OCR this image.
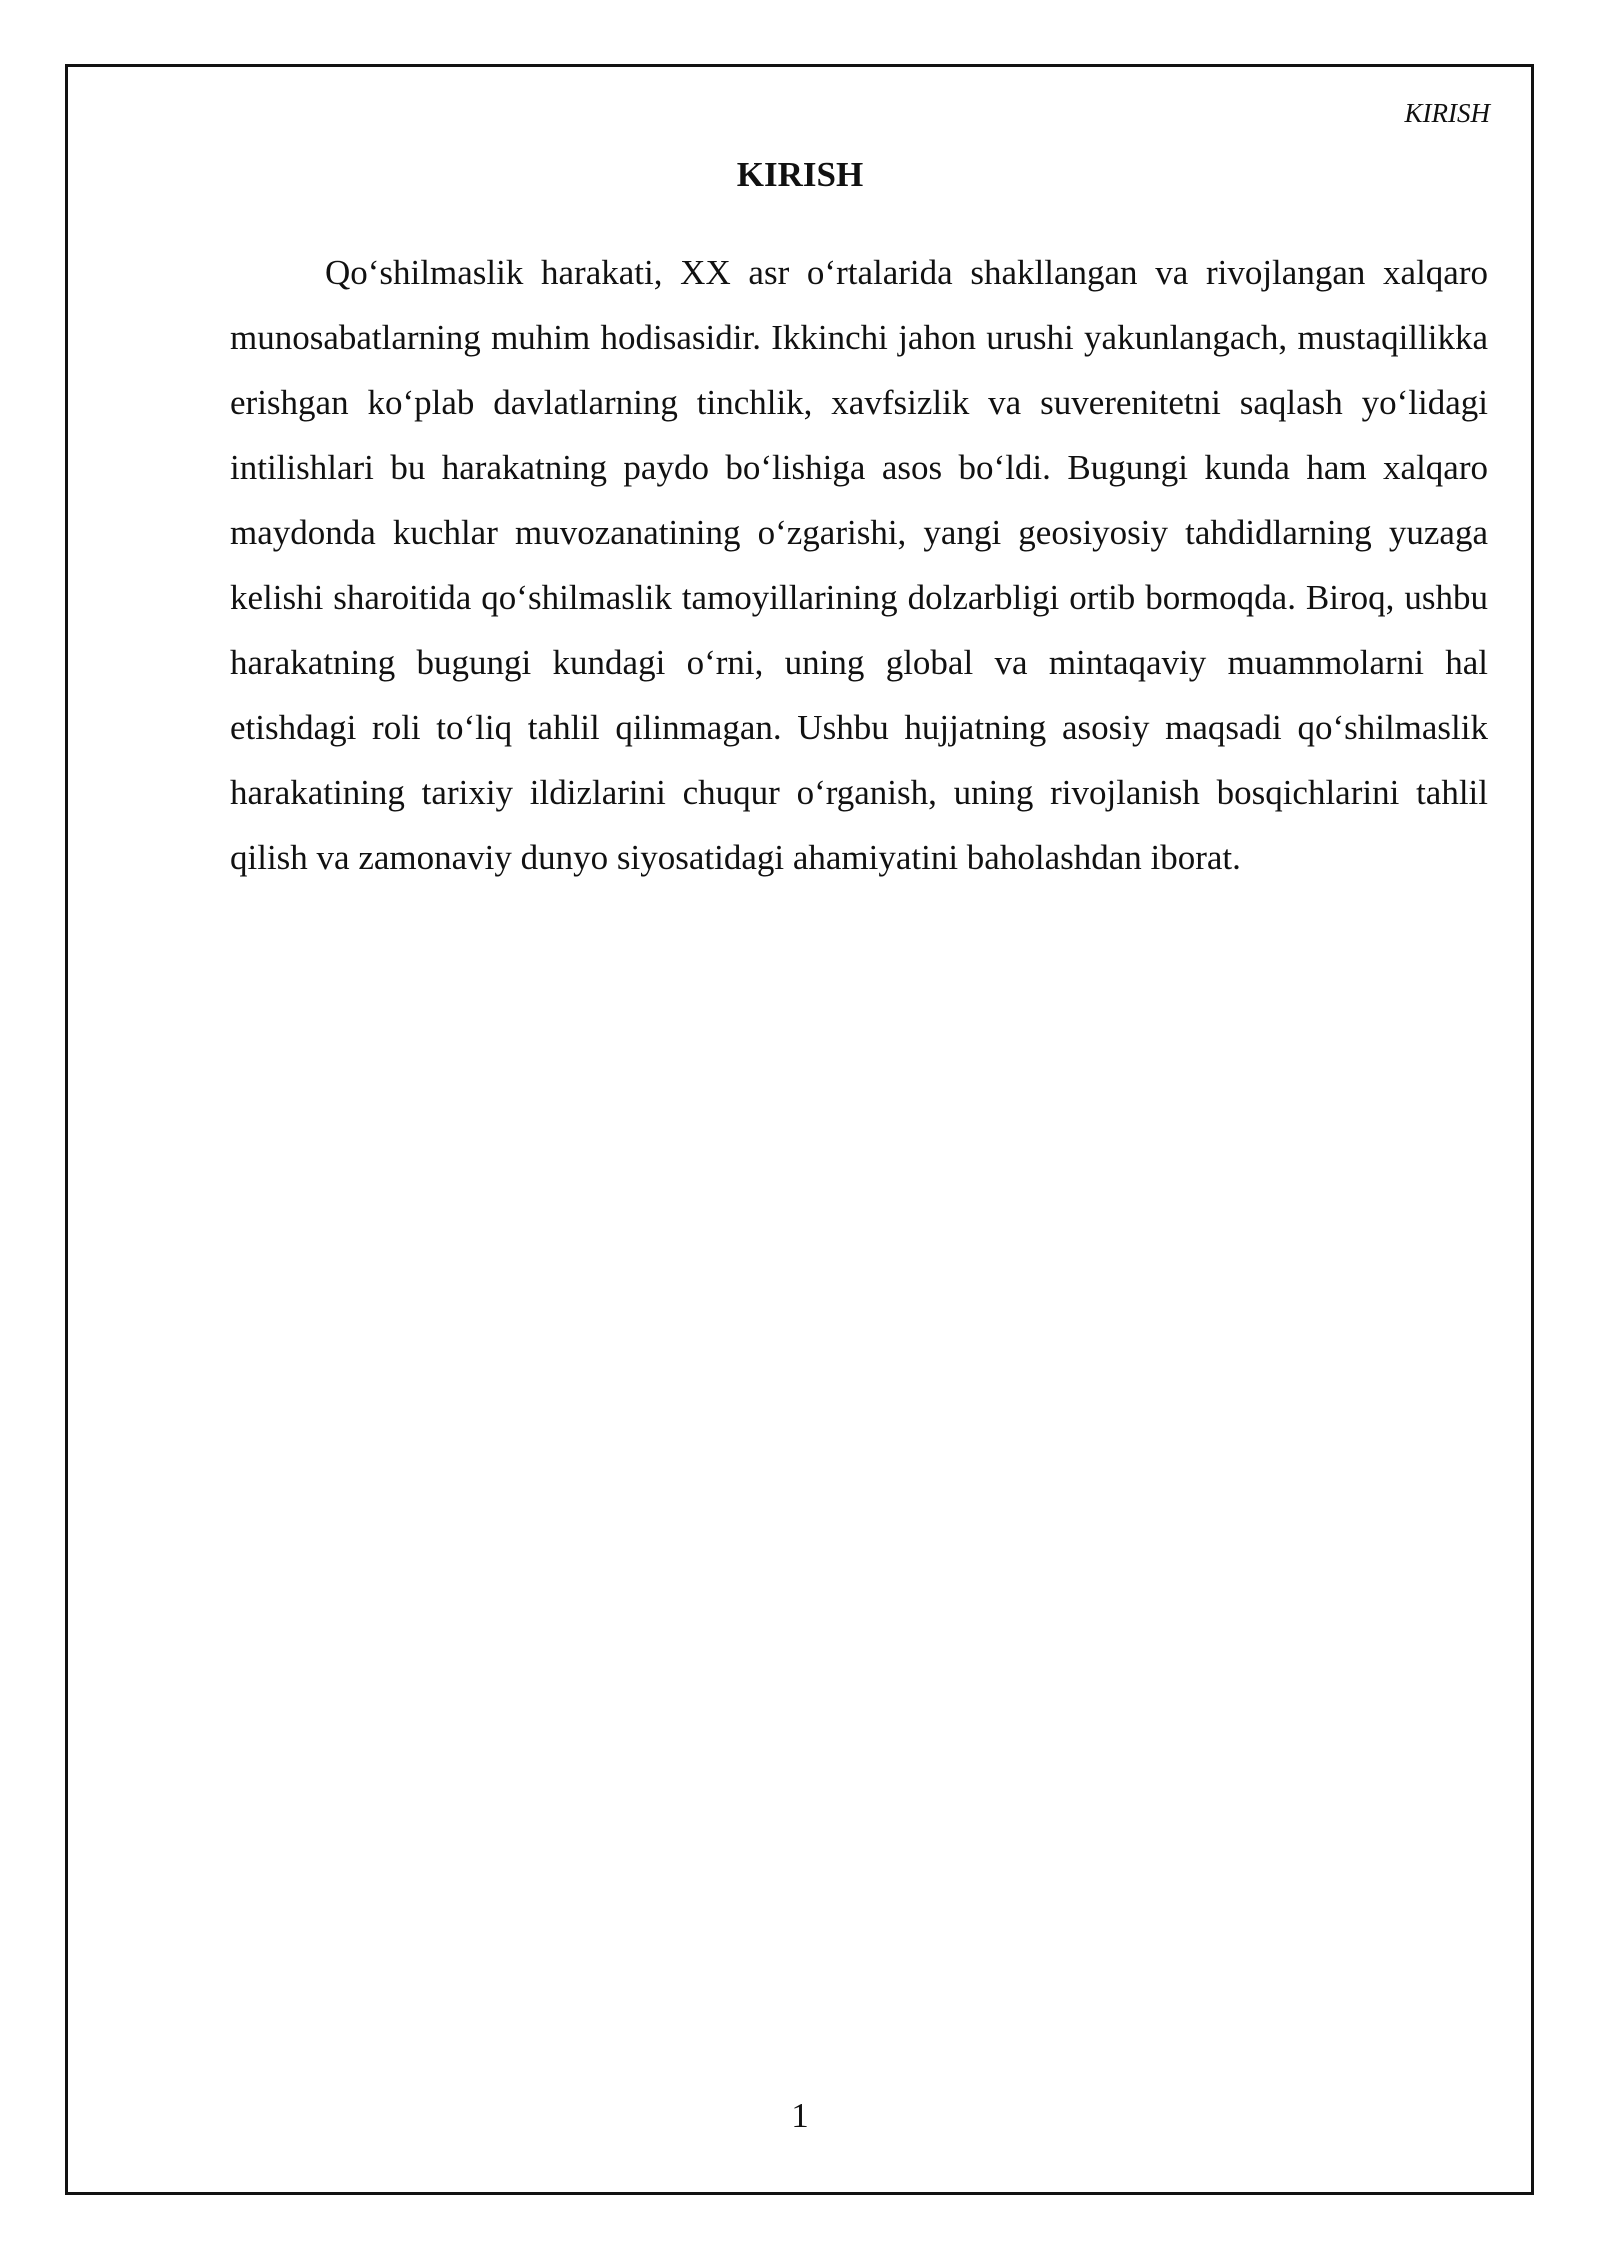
KIRISH
KIRISH

Qo‘shilmaslik harakati, XX asr o‘rtalarida shakllangan va rivojlangan xalqaro munosabatlarning muhim hodisasidir. Ikkinchi jahon urushi yakunlangach, mustaqillikka erishgan ko‘plab davlatlarning tinchlik, xavfsizlik va suverenitetni saqlash yo‘lidagi intilishlari bu harakatning paydo bo‘lishiga asos bo‘ldi. Bugungi kunda ham xalqaro maydonda kuchlar muvozanatining o‘zgarishi, yangi geosiyosiy tahdidlarning yuzaga kelishi sharoitida qo‘shilmaslik tamoyillarining dolzarbligi ortib bormoqda. Biroq, ushbu harakatning bugungi kundagi o‘rni, uning global va mintaqaviy muammolarni hal etishdagi roli to‘liq tahlil qilinmagan. Ushbu hujjatning asosiy maqsadi qo‘shilmaslik harakatining tarixiy ildizlarini chuqur o‘rganish, uning rivojlanish bosqichlarini tahlil qilish va zamonaviy dunyo siyosatidagi ahamiyatini baholashdan iborat.

1
